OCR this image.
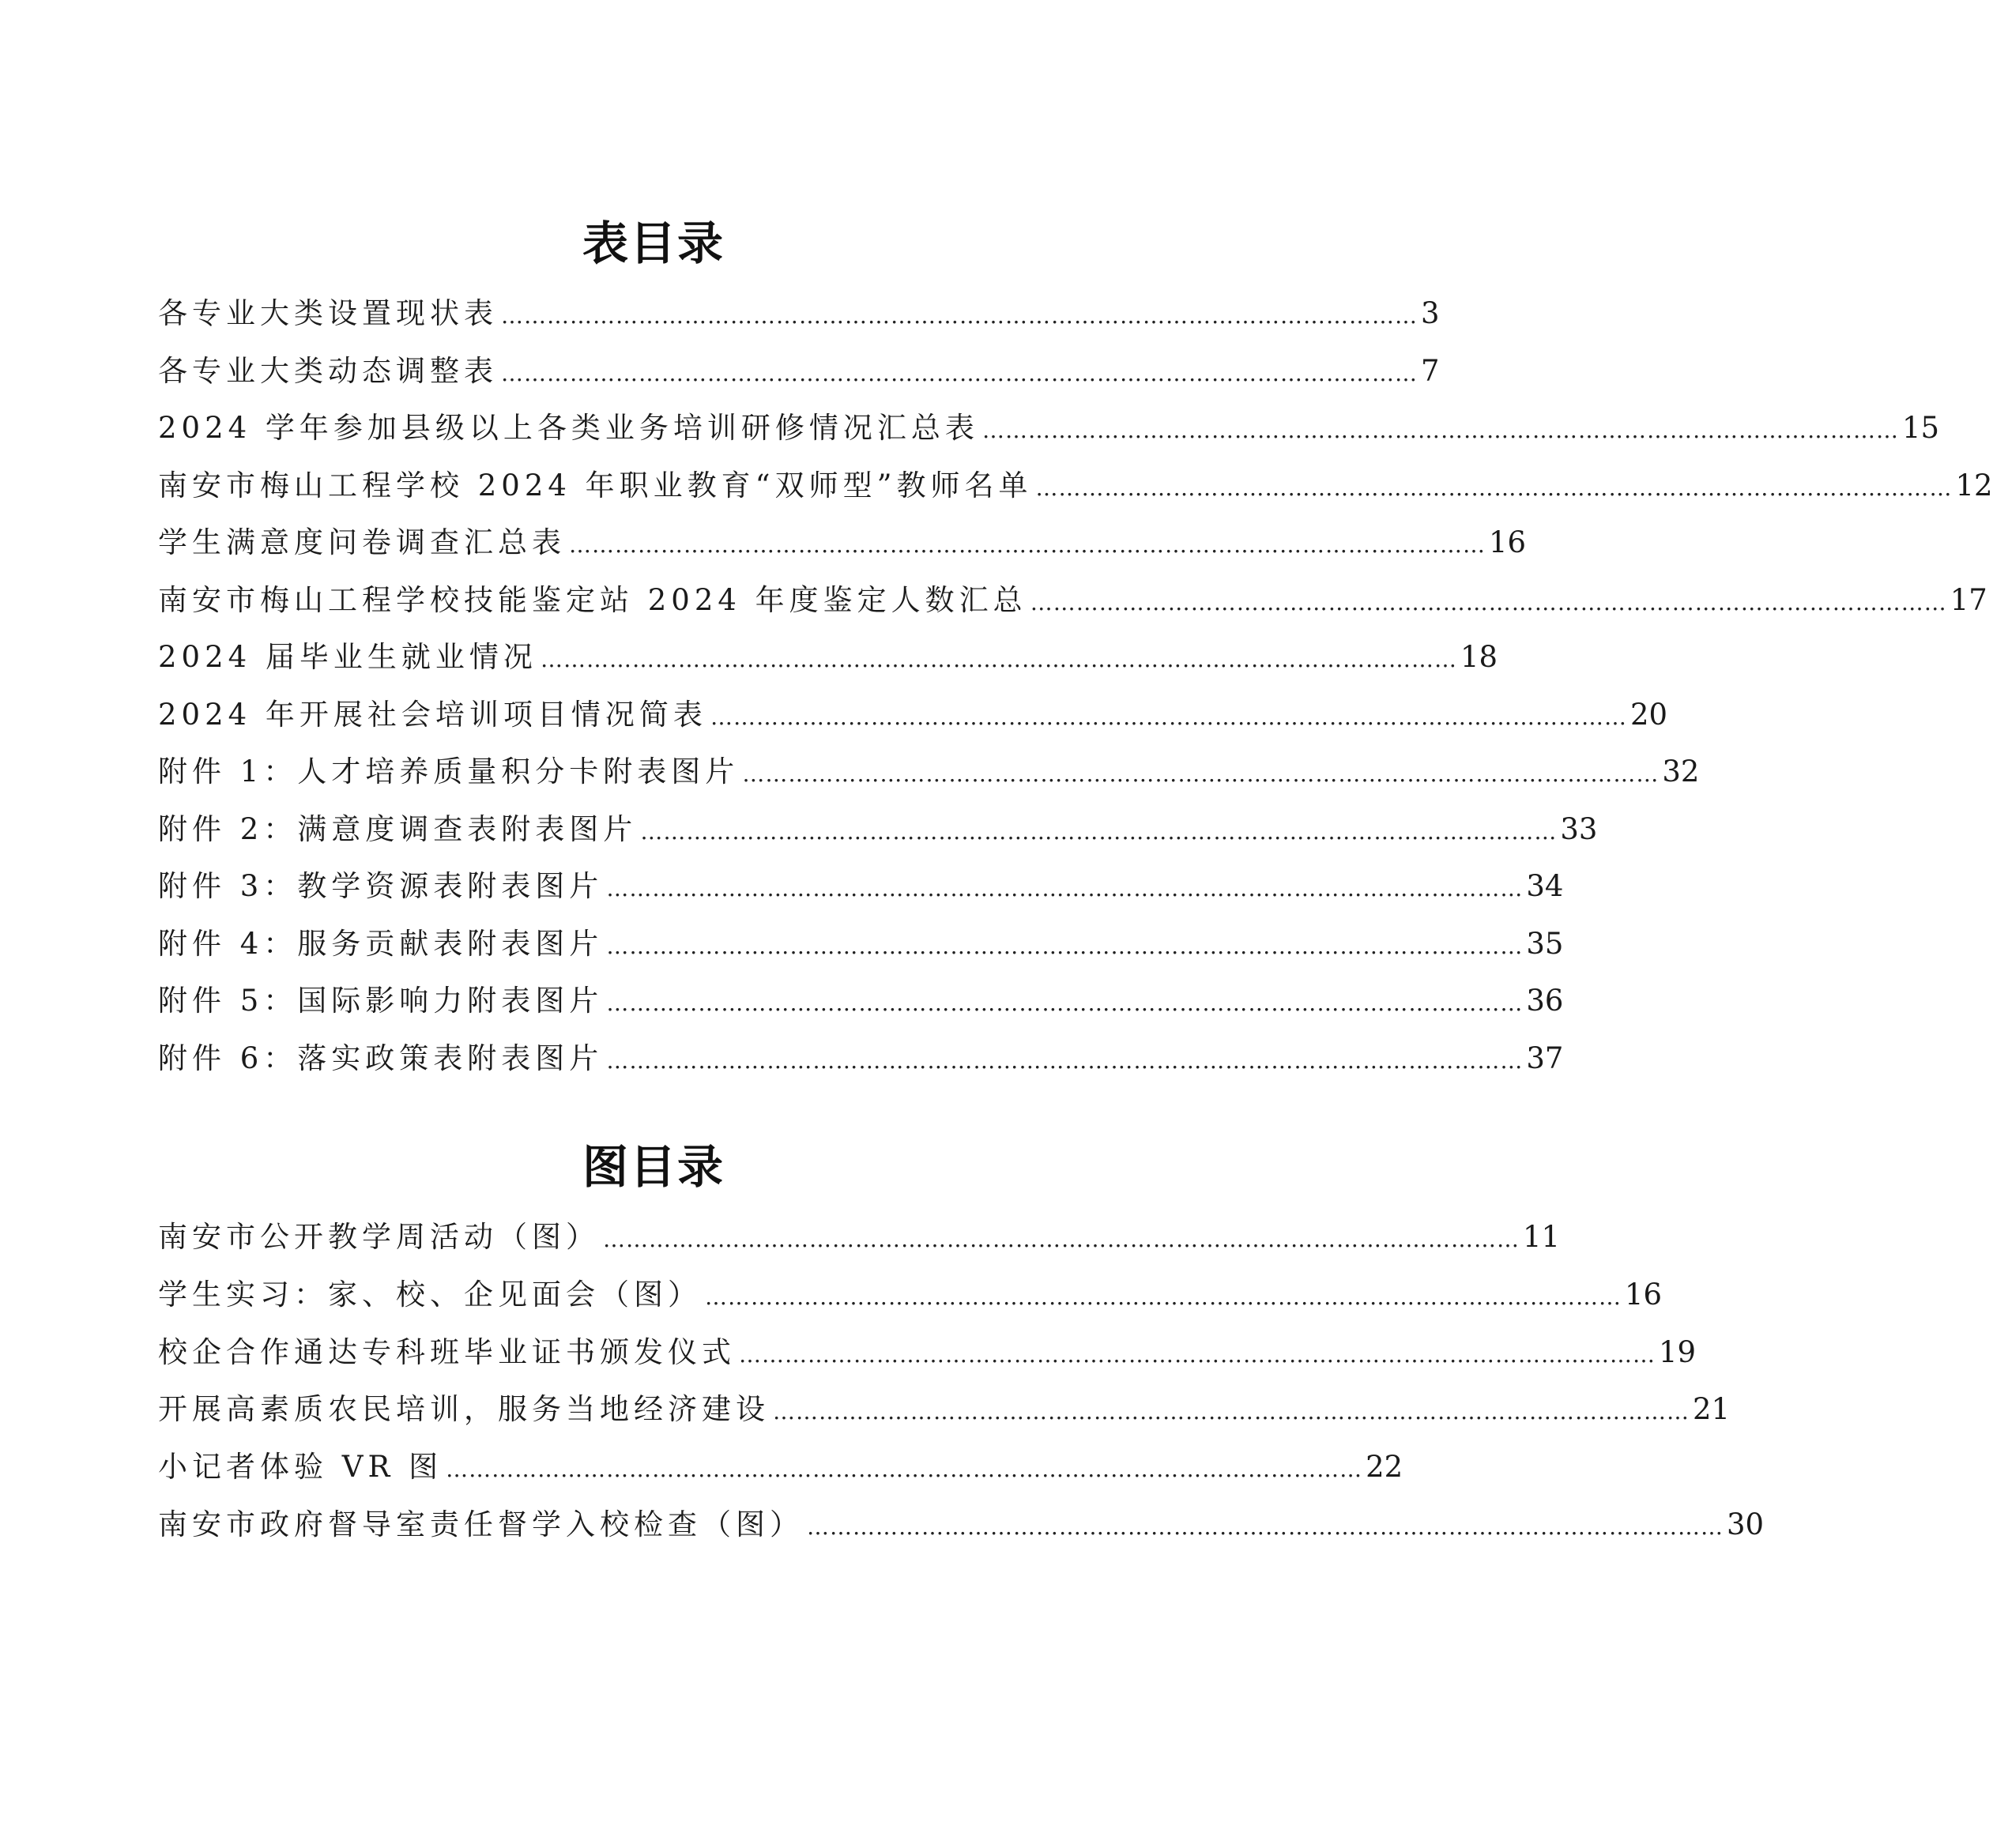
表目录
各专业大类设置现状表 ………………………………………………………………………………………………………… 3
各专业大类动态调整表 ………………………………………………………………………………………………………… 7
2024 学年参加县级以上各类业务培训研修情况汇总表 ………………………………………………………………………………………………………… 15
南安市梅山工程学校 2024 年职业教育“双师型”教师名单 ………………………………………………………………………………………………………… 12
学生满意度问卷调查汇总表 ………………………………………………………………………………………………………… 16
南安市梅山工程学校技能鉴定站 2024 年度鉴定人数汇总 ………………………………………………………………………………………………………… 17
2024 届毕业生就业情况 ………………………………………………………………………………………………………… 18
2024 年开展社会培训项目情况简表 ………………………………………………………………………………………………………… 20
附件 1：人才培养质量积分卡附表图片 ………………………………………………………………………………………………………… 32
附件 2：满意度调查表附表图片 ………………………………………………………………………………………………………… 33
附件 3：教学资源表附表图片 ………………………………………………………………………………………………………… 34
附件 4：服务贡献表附表图片 ………………………………………………………………………………………………………… 35
附件 5：国际影响力附表图片 ………………………………………………………………………………………………………… 36
附件 6：落实政策表附表图片 ………………………………………………………………………………………………………… 37
图目录
南安市公开教学周活动（图） ………………………………………………………………………………………………………… 11
学生实习：家、校、企见面会（图） ………………………………………………………………………………………………………… 16
校企合作通达专科班毕业证书颁发仪式 ………………………………………………………………………………………………………… 19
开展高素质农民培训，服务当地经济建设 ………………………………………………………………………………………………………… 21
小记者体验 VR 图 ………………………………………………………………………………………………………… 22
南安市政府督导室责任督学入校检查（图） ………………………………………………………………………………………………………… 30
